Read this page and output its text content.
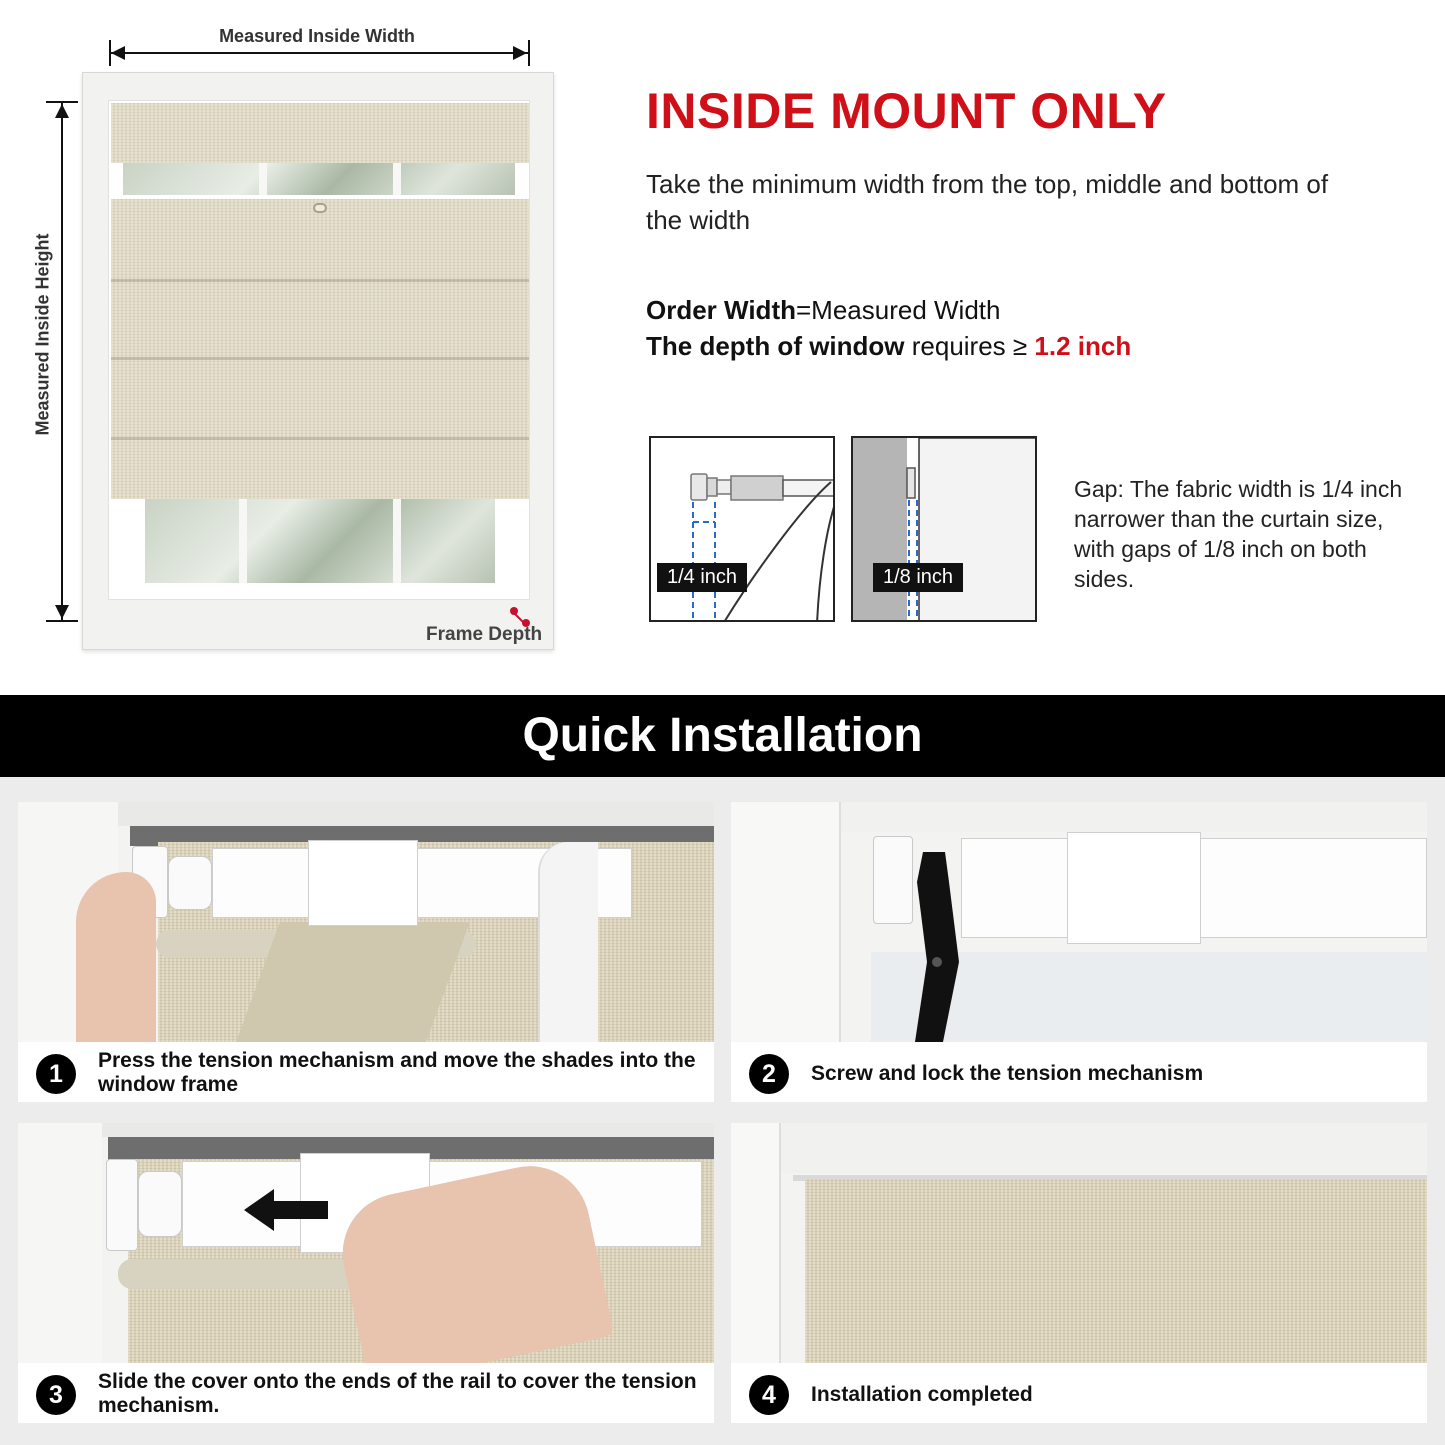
Measured Inside Width
Measured Inside Height
Frame Depth
INSIDE MOUNT ONLY
Take the minimum width from the top, middle and bottom of the width
Order Width=Measured Width
The depth of window requires ≥ 1.2 inch
1/4 inch	1/8 inch
Gap: The fabric width is 1/4 inch narrower than the curtain size, with gaps of 1/8 inch on both sides.
Quick Installation
1	Press the tension mechanism and move the shades into the window frame	2	Screw and lock the tension mechanism
3	Slide the cover onto the ends of the rail to cover the tension mechanism.	4	Installation completed
